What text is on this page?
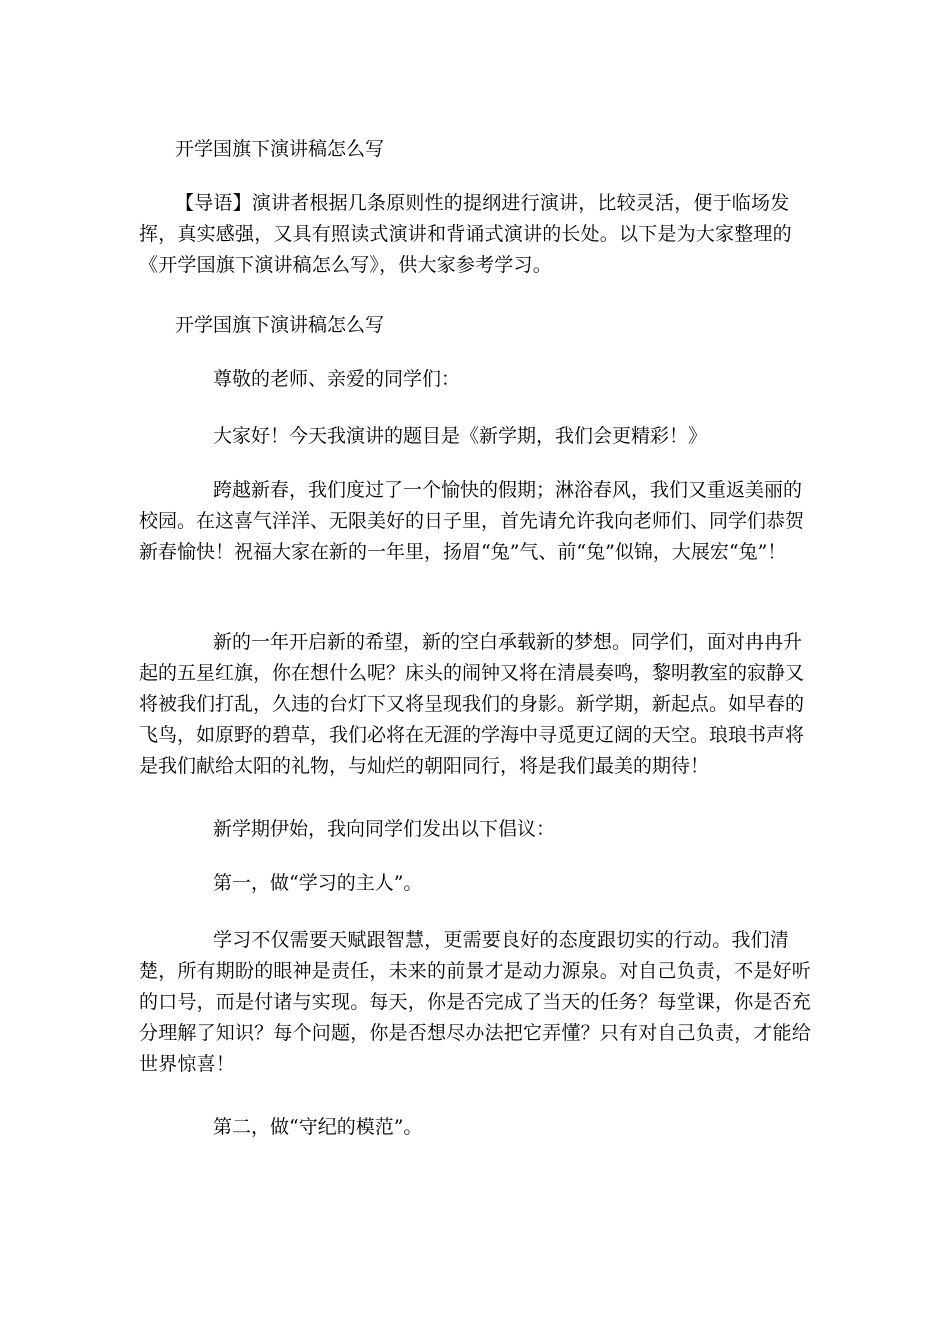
开学国旗下演讲稿怎么写

【导语】演讲者根据几条原则性的提纲进行演讲，比较灵活，便于临场发挥，真实感强，又具有照读式演讲和背诵式演讲的长处。以下是为大家整理的《开学国旗下演讲稿怎么写》，供大家参考学习。

开学国旗下演讲稿怎么写

尊敬的老师、亲爱的同学们：

大家好！今天我演讲的题目是《新学期，我们会更精彩！》

跨越新春，我们度过了一个愉快的假期；淋浴春风，我们又重返美丽的校园。在这喜气洋洋、无限美好的日子里，首先请允许我向老师们、同学们恭贺新春愉快！祝福大家在新的一年里，扬眉“兔”气、前“兔”似锦，大展宏“兔”！

新的一年开启新的希望，新的空白承载新的梦想。同学们，面对冉冉升起的五星红旗，你在想什么呢？床头的闹钟又将在清晨奏鸣，黎明教室的寂静又将被我们打乱，久违的台灯下又将呈现我们的身影。新学期，新起点。如早春的飞鸟，如原野的碧草，我们必将在无涯的学海中寻觅更辽阔的天空。琅琅书声将是我们献给太阳的礼物，与灿烂的朝阳同行，将是我们最美的期待！

新学期伊始，我向同学们发出以下倡议：

第一，做“学习的主人”。

学习不仅需要天赋跟智慧，更需要良好的态度跟切实的行动。我们清楚，所有期盼的眼神是责任，未来的前景才是动力源泉。对自己负责，不是好听的口号，而是付诸与实现。每天，你是否完成了当天的任务？每堂课，你是否充分理解了知识？每个问题，你是否想尽办法把它弄懂？只有对自己负责，才能给世界惊喜！

第二，做“守纪的模范”。
